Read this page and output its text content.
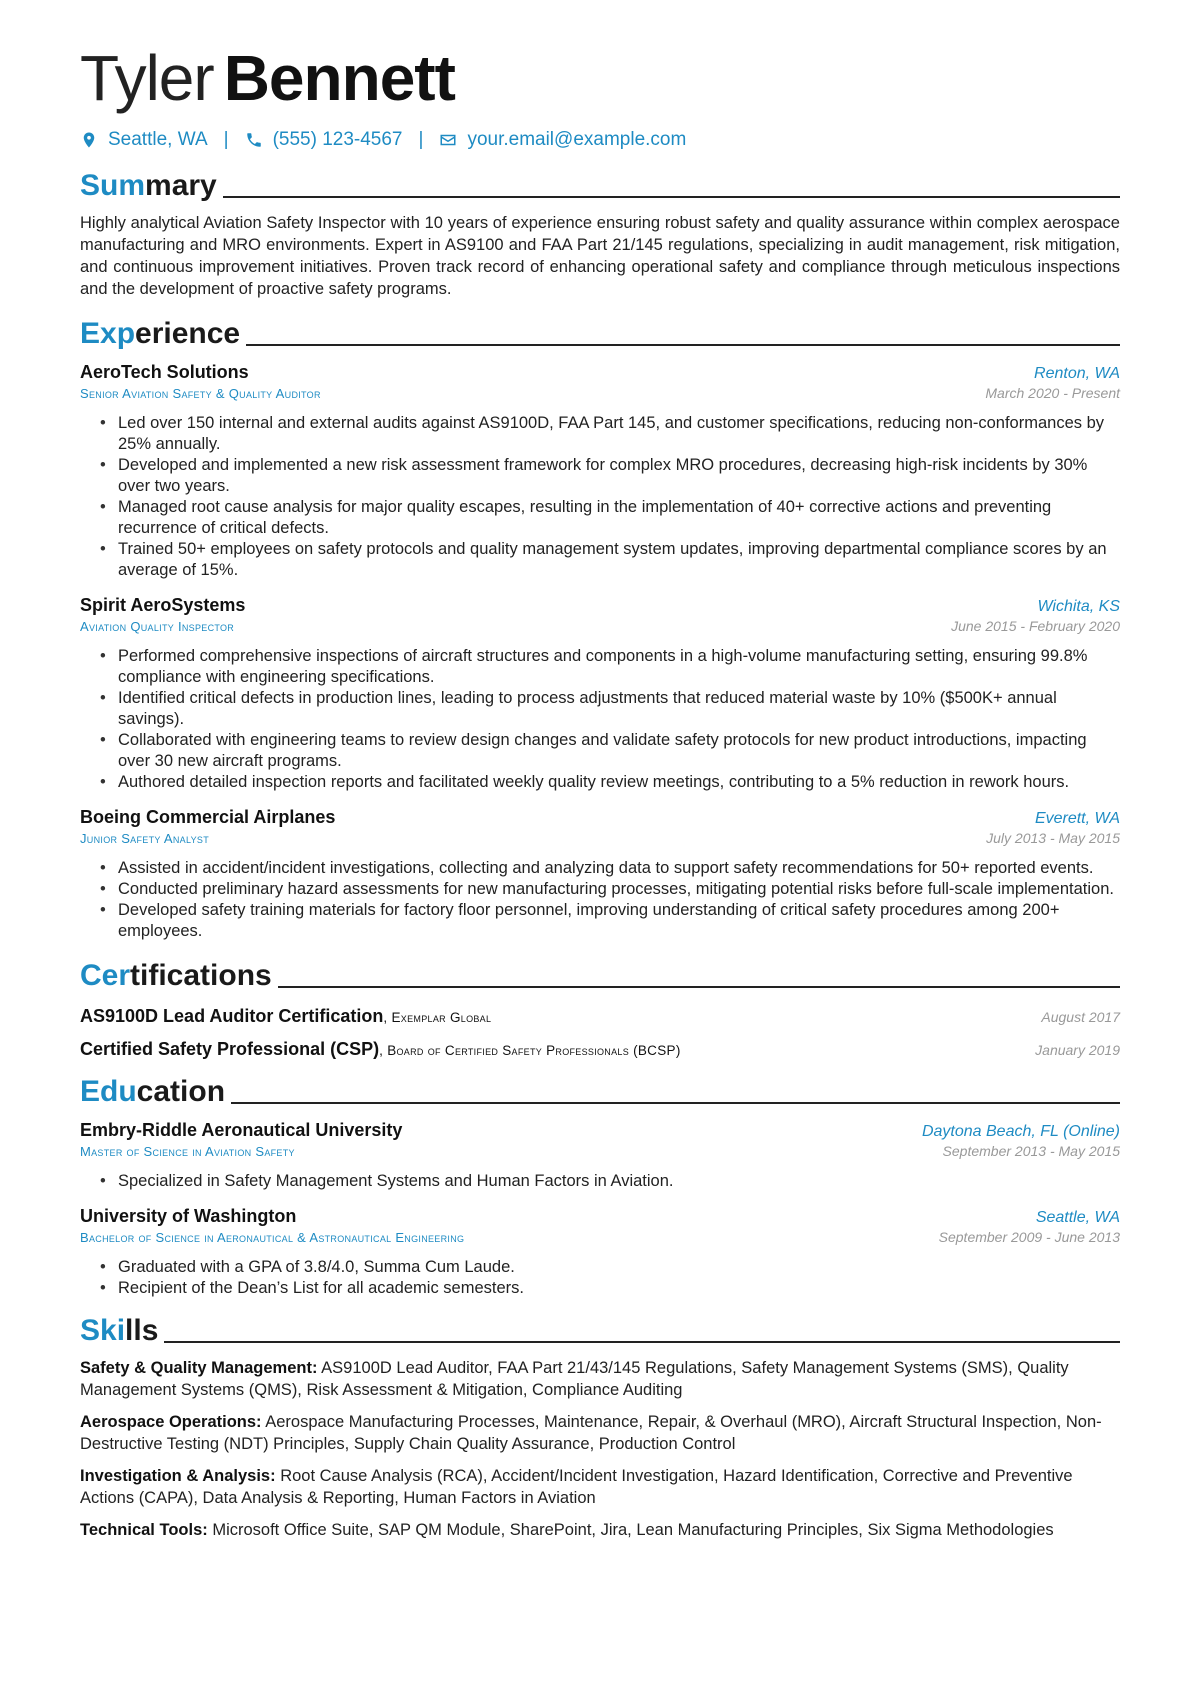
Tyler Bennett
Seattle, WA | (555) 123-4567 | your.email@example.com
Summary

Highly analytical Aviation Safety Inspector with 10 years of experience ensuring robust safety and quality assurance within complex aerospace manufacturing and MRO environments. Expert in AS9100 and FAA Part 21/145 regulations, specializing in audit management, risk mitigation, and continuous improvement initiatives. Proven track record of enhancing operational safety and compliance through meticulous inspections and the development of proactive safety programs.

Experience
AeroTech Solutions	Renton, WA
Senior Aviation Safety & Quality Auditor	March 2020 - Present
• Led over 150 internal and external audits against AS9100D, FAA Part 145, and customer specifications, reducing non-conformances by 25% annually.
• Developed and implemented a new risk assessment framework for complex MRO procedures, decreasing high-risk incidents by 30% over two years.
• Managed root cause analysis for major quality escapes, resulting in the implementation of 40+ corrective actions and preventing recurrence of critical defects.
• Trained 50+ employees on safety protocols and quality management system updates, improving departmental compliance scores by an average of 15%.
Spirit AeroSystems	Wichita, KS
Aviation Quality Inspector	June 2015 - February 2020
• Performed comprehensive inspections of aircraft structures and components in a high-volume manufacturing setting, ensuring 99.8% compliance with engineering specifications.
• Identified critical defects in production lines, leading to process adjustments that reduced material waste by 10% ($500K+ annual savings).
• Collaborated with engineering teams to review design changes and validate safety protocols for new product introductions, impacting over 30 new aircraft programs.
• Authored detailed inspection reports and facilitated weekly quality review meetings, contributing to a 5% reduction in rework hours.
Boeing Commercial Airplanes	Everett, WA
Junior Safety Analyst	July 2013 - May 2015
• Assisted in accident/incident investigations, collecting and analyzing data to support safety recommendations for 50+ reported events.
• Conducted preliminary hazard assessments for new manufacturing processes, mitigating potential risks before full-scale implementation.
• Developed safety training materials for factory floor personnel, improving understanding of critical safety procedures among 200+ employees.
Certifications
AS9100D Lead Auditor Certification, Exemplar Global	August 2017
Certified Safety Professional (CSP), Board of Certified Safety Professionals (BCSP)	January 2019
Education
Embry-Riddle Aeronautical University	Daytona Beach, FL (Online)
Master of Science in Aviation Safety	September 2013 - May 2015
• Specialized in Safety Management Systems and Human Factors in Aviation.
University of Washington	Seattle, WA
Bachelor of Science in Aeronautical & Astronautical Engineering	September 2009 - June 2013
• Graduated with a GPA of 3.8/4.0, Summa Cum Laude.
• Recipient of the Dean’s List for all academic semesters.
Skills
Safety & Quality Management: AS9100D Lead Auditor, FAA Part 21/43/145 Regulations, Safety Management Systems (SMS), Quality Management Systems (QMS), Risk Assessment & Mitigation, Compliance Auditing
Aerospace Operations: Aerospace Manufacturing Processes, Maintenance, Repair, & Overhaul (MRO), Aircraft Structural Inspection, Non-Destructive Testing (NDT) Principles, Supply Chain Quality Assurance, Production Control
Investigation & Analysis: Root Cause Analysis (RCA), Accident/Incident Investigation, Hazard Identification, Corrective and Preventive Actions (CAPA), Data Analysis & Reporting, Human Factors in Aviation
Technical Tools: Microsoft Office Suite, SAP QM Module, SharePoint, Jira, Lean Manufacturing Principles, Six Sigma Methodologies
